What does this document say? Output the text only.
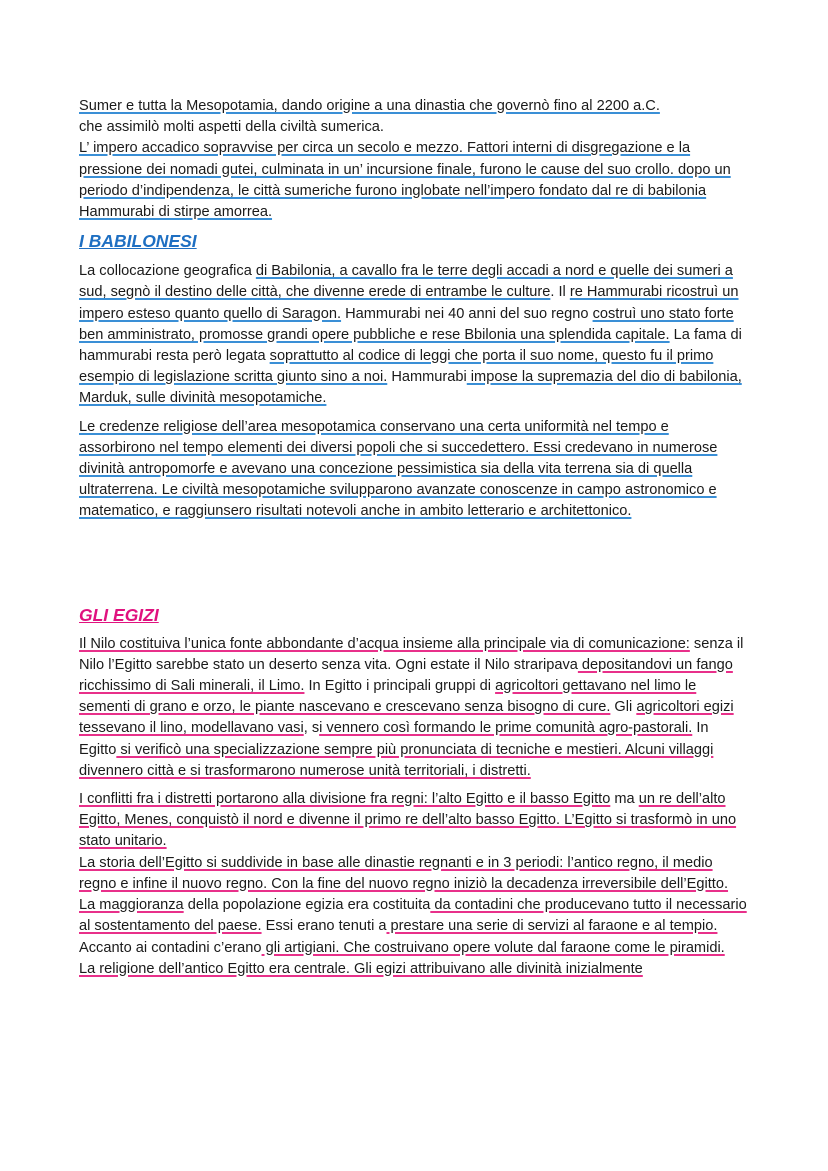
Sumer e tutta la Mesopotamia, dando origine a una dinastia che governò fino al 2200 a.C.
che assimilò molti aspetti della civiltà sumerica.
L’ impero accadico sopravvise per circa un secolo e mezzo. Fattori interni di disgregazione e la pressione dei nomadi gutei, culminata in un’ incursione finale, furono le cause del suo crollo. dopo un periodo d’indipendenza, le città sumeriche furono inglobate nell’impero fondato dal re di babilonia Hammurabi di stirpe amorrea.

I BABILONESI

La collocazione geografica di Babilonia, a cavallo fra le terre degli accadi a nord e quelle dei sumeri a sud, segnò il destino delle città, che divenne erede di entrambe le culture. Il re Hammurabi ricostruì un impero esteso quanto quello di Saragon. Hammurabi nei 40 anni del suo regno costruì uno stato forte ben amministrato, promosse grandi opere pubbliche e rese Bbilonia una splendida capitale. La fama di hammurabi resta però legata soprattutto al codice di leggi che porta il suo nome, questo fu il primo esempio di legislazione scritta giunto sino a noi. Hammurabi impose la supremazia del dio di babilonia, Marduk, sulle divinità mesopotamiche.

Le credenze religiose dell’area mesopotamica conservano una certa uniformità nel tempo e assorbirono nel tempo elementi dei diversi popoli che si succedettero. Essi credevano in numerose divinità antropomorfe e avevano una concezione pessimistica sia della vita terrena sia di quella ultraterrena. Le civiltà mesopotamiche svilupparono avanzate conoscenze in campo astronomico e matematico, e raggiunsero risultati notevoli anche in ambito letterario e architettonico.

GLI EGIZI

Il Nilo costituiva l’unica fonte abbondante d’acqua insieme alla principale via di comunicazione: senza il Nilo l’Egitto sarebbe stato un deserto senza vita. Ogni estate il Nilo straripava depositandovi un fango ricchissimo di Sali minerali, il Limo. In Egitto i principali gruppi di agricoltori gettavano nel limo le sementi di grano e orzo, le piante nascevano e crescevano senza bisogno di cure. Gli agricoltori egizi tessevano il lino, modellavano vasi, si vennero così formando le prime comunità agro-pastorali. In Egitto si verificò una specializzazione sempre più pronunciata di tecniche e mestieri. Alcuni villaggi divennero città e si trasformarono numerose unità territoriali, i distretti.

I conflitti fra i distretti portarono alla divisione fra regni: l’alto Egitto e il basso Egitto ma un re dell’alto Egitto, Menes, conquistò il nord e divenne il primo re dell’alto basso Egitto. L’Egitto si trasformò in uno stato unitario.
La storia dell’Egitto si suddivide in base alle dinastie regnanti e in 3 periodi: l’antico regno, il medio regno e infine il nuovo regno. Con la fine del nuovo regno iniziò la decadenza irreversibile dell’Egitto.
La maggioranza della popolazione egizia era costituita da contadini che producevano tutto il necessario al sostentamento del paese. Essi erano tenuti a prestare una serie di servizi al faraone e al tempio. Accanto ai contadini c’erano gli artigiani. Che costruivano opere volute dal faraone come le piramidi.
La religione dell’antico Egitto era centrale. Gli egizi attribuivano alle divinità inizialmente
